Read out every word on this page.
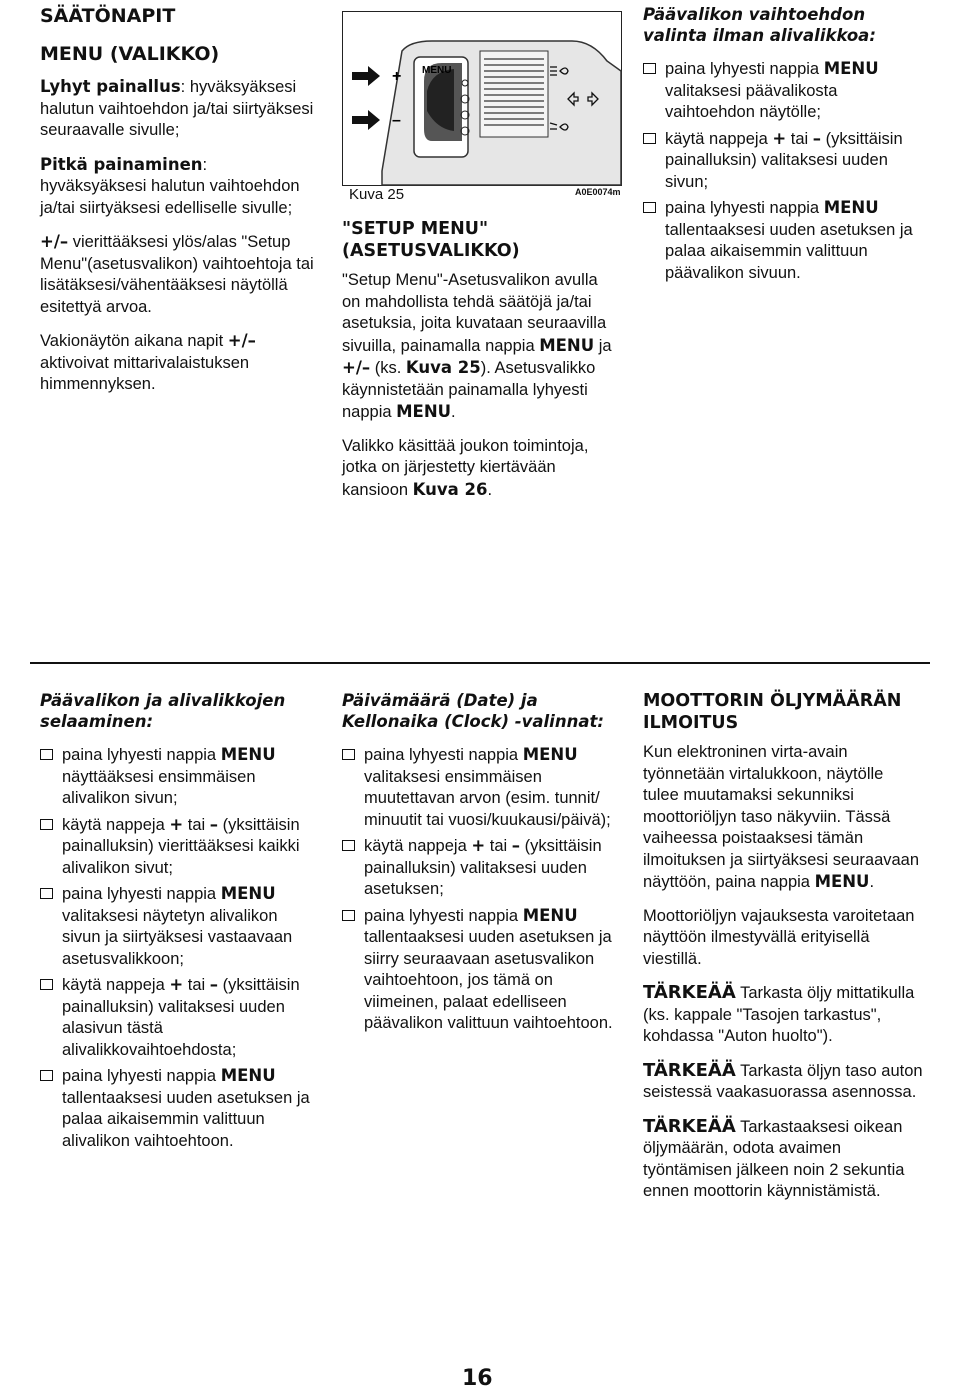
SÄÄTÖNAPIT
MENU (VALIKKO)

Lyhyt painallus: hyväksyäksesi halutun vaihtoehdon ja/tai siirtyäksesi seuraavalle sivulle;

Pitkä painaminen: hyväksyäksesi halutun vaihtoehdon ja/tai siirtyäksesi edelliselle sivulle;

+/– vierittääksesi ylös/alas "Setup Menu"(asetusvalikon) vaihtoehtoja tai lisätäksesi/vähentääksesi näytöllä esitettyä arvoa.

Vakionäytön aikana napit +/– aktivoivat mittarivalaistuksen himmennyksen.

MENU
+
–
Kuva 25	A0E0074m
"SETUP MENU" (ASETUSVALIKKO)

"Setup Menu"-Asetusvalikon avulla on mahdollista tehdä säätöjä ja/tai asetuksia, joita kuvataan seuraavilla sivuilla, painamalla nappia MENU ja +/– (ks. Kuva 25). Asetusvalikko käynnistetään painamalla lyhyesti nappia MENU.

Valikko käsittää joukon toimintoja, jotka on järjestetty kiertävään kansioon Kuva 26.

Päävalikon vaihtoehdon valinta ilman alivalikkoa:
paina lyhyesti nappia MENU valitaksesi päävalikosta vaihtoehdon näytölle;
käytä nappeja + tai – (yksittäisin painalluksin) valitaksesi uuden sivun;
paina lyhyesti nappia MENU tallentaaksesi uuden asetuksen ja palaa aikaisemmin valittuun päävalikon sivuun.
Päävalikon ja alivalikkojen selaaminen:
paina lyhyesti nappia MENU näyttääksesi ensimmäisen alivalikon sivun;
käytä nappeja + tai – (yksittäisin painalluksin) vierittääksesi kaikki alivalikon sivut;
paina lyhyesti nappia MENU valitaksesi näytetyn alivalikon sivun ja siirtyäksesi vastaavaan asetusvalikkoon;
käytä nappeja + tai – (yksittäisin painalluksin) valitaksesi uuden alasivun tästä alivalikkovaihtoehdosta;
paina lyhyesti nappia MENU tallentaaksesi uuden asetuksen ja palaa aikaisemmin valittuun alivalikon vaihtoehtoon.
Päivämäärä (Date) ja Kellonaika (Clock) -valinnat:
paina lyhyesti nappia MENU valitaksesi ensimmäisen muutettavan arvon (esim. tunnit/ minuutit tai vuosi/kuukausi/päivä);
käytä nappeja + tai – (yksittäisin painalluksin) valitaksesi uuden asetuksen;
paina lyhyesti nappia MENU tallentaaksesi uuden asetuksen ja siirry seuraavaan asetusvalikon vaihtoehtoon, jos tämä on viimeinen, palaat edelliseen päävalikon valittuun vaihtoehtoon.
MOOTTORIN ÖLJYMÄÄRÄN ILMOITUS

Kun elektroninen virta-avain työnnetään virtalukkoon, näytölle tulee muutamaksi sekunniksi moottoriöljyn taso näkyviin. Tässä vaiheessa poistaaksesi tämän ilmoituksen ja siirtyäksesi seuraavaan näyttöön, paina nappia MENU.

Moottoriöljyn vajauksesta varoitetaan näyttöön ilmestyvällä erityisellä viestillä.

TÄRKEÄÄ Tarkasta öljy mittatikulla (ks. kappale "Tasojen tarkastus", kohdassa "Auton huolto").

TÄRKEÄÄ Tarkasta öljyn taso auton seistessä vaakasuorassa asennossa.

TÄRKEÄÄ Tarkastaaksesi oikean öljymäärän, odota avaimen työntämisen jälkeen noin 2 sekuntia ennen moottorin käynnistämistä.

16
